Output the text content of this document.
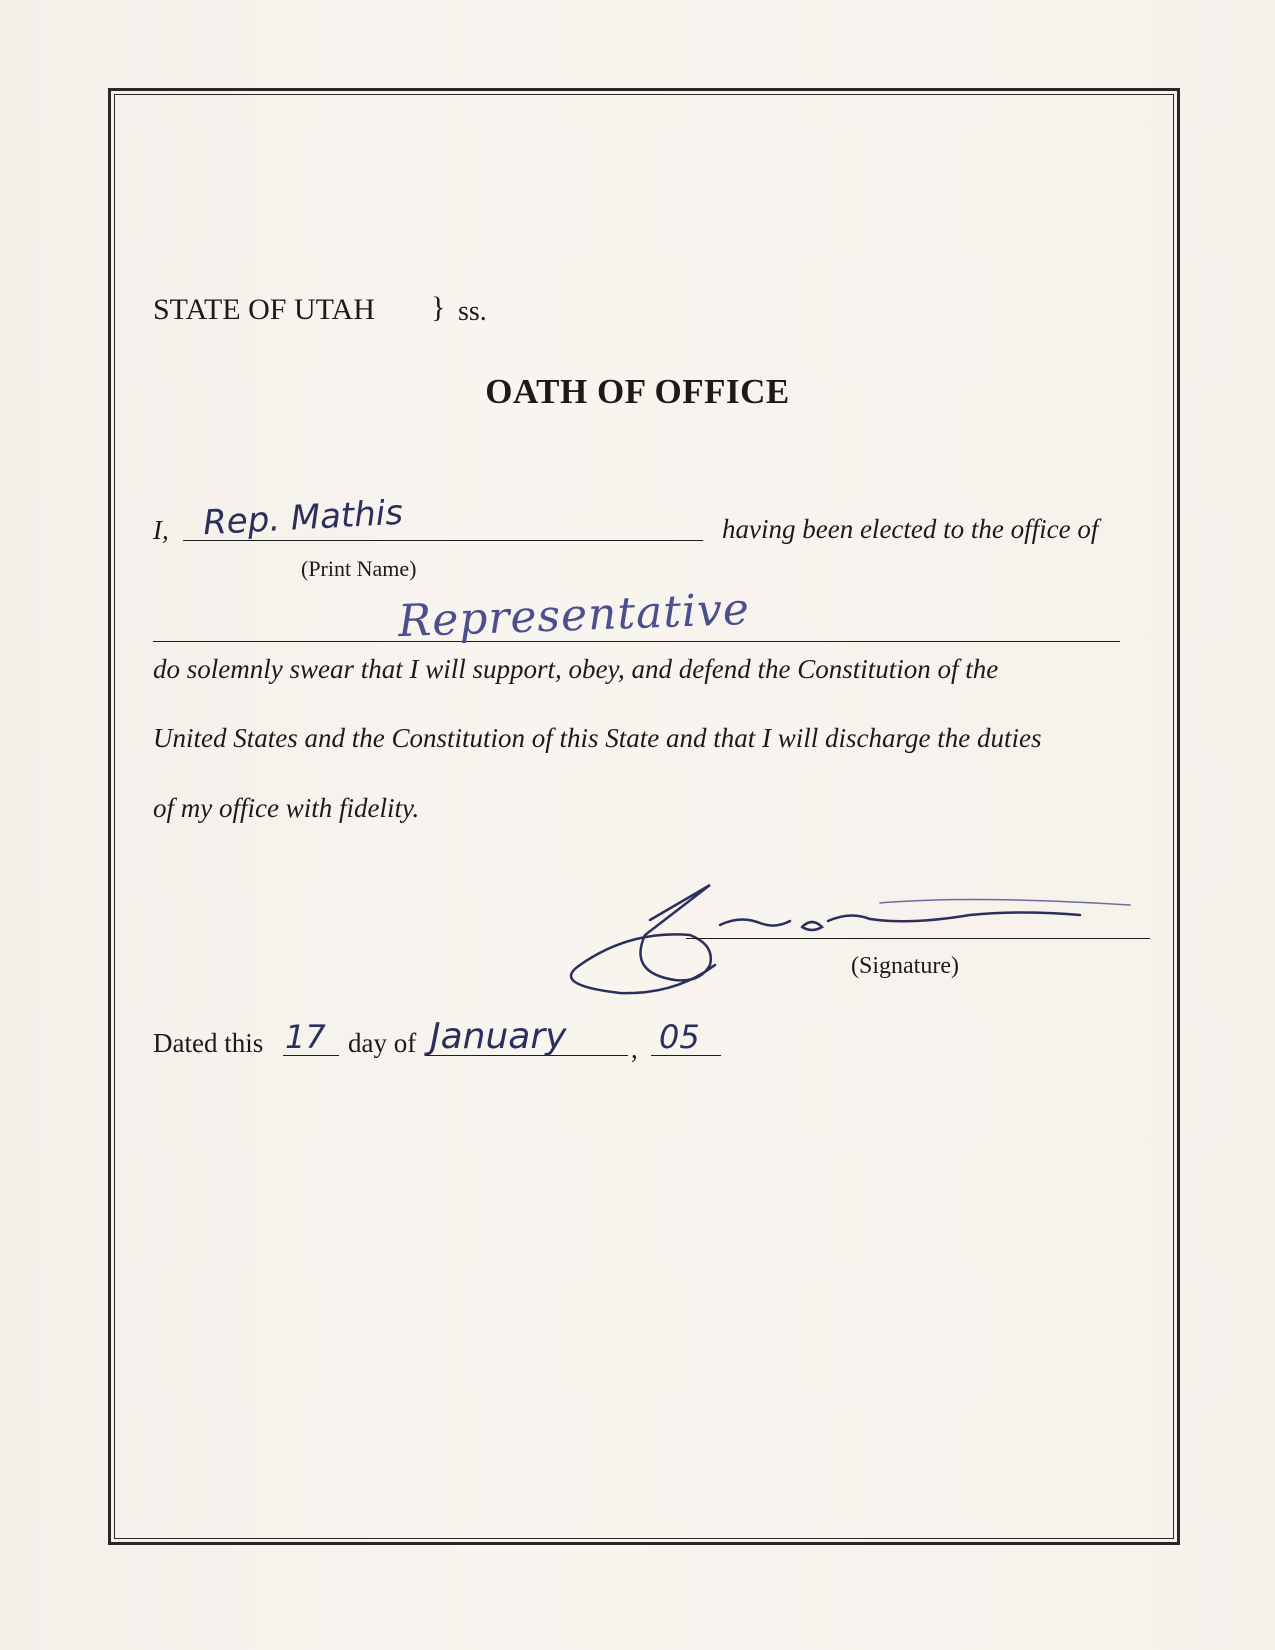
STATE OF UTAH } ss.
OATH OF OFFICE
I, Rep. Mathis	having been elected to the office of
(Print Name)
Representative
do solemnly swear that I will support, obey, and defend the Constitution of the
United States and the Constitution of this State and that I will discharge the duties
of my office with fidelity.
(Signature)
Dated this 17 day of January , 05
